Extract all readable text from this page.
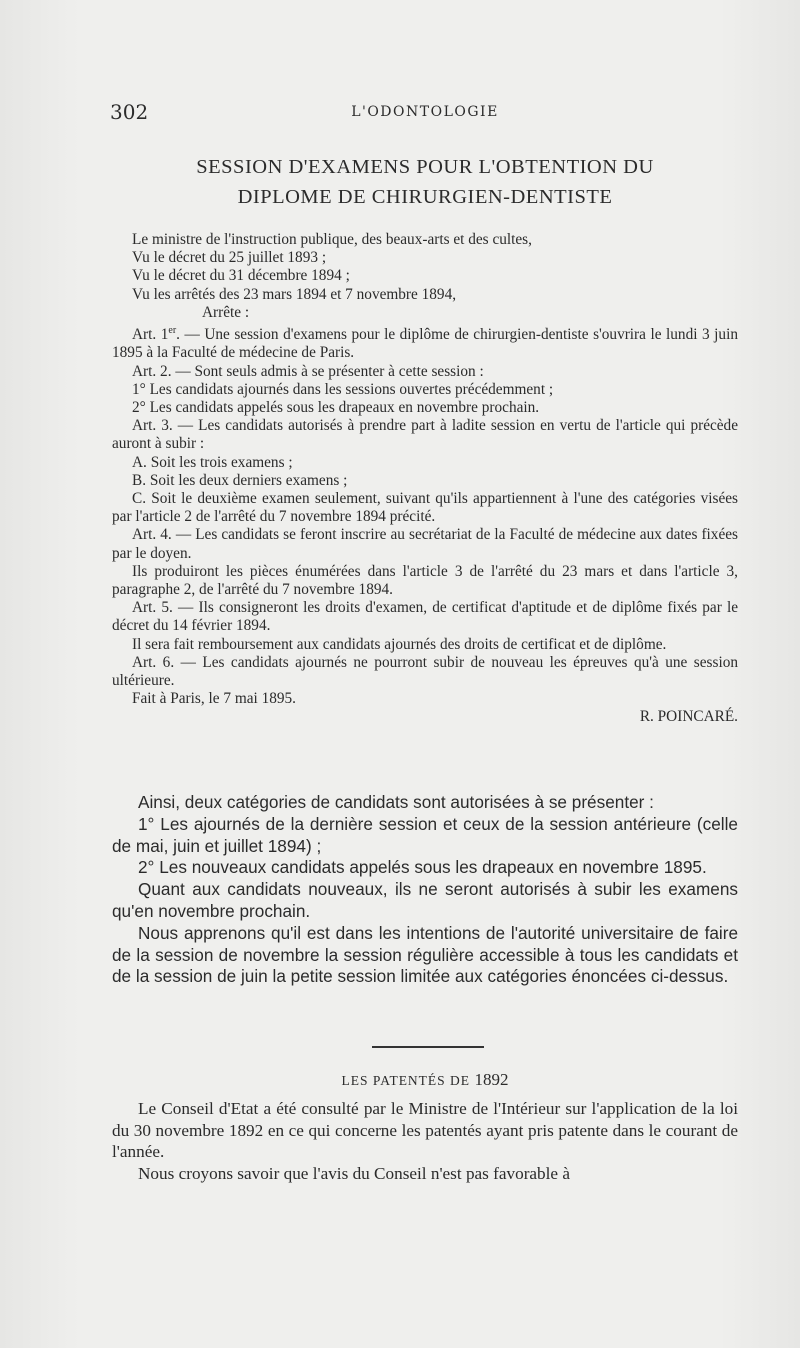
302	L'ODONTOLOGIE
SESSION D'EXAMENS POUR L'OBTENTION DU
DIPLOME DE CHIRURGIEN-DENTISTE

Le ministre de l'instruction publique, des beaux-arts et des cultes,

Vu le décret du 25 juillet 1893 ;

Vu le décret du 31 décembre 1894 ;

Vu les arrêtés des 23 mars 1894 et 7 novembre 1894,

Arrête :

Art. 1er. — Une session d'examens pour le diplôme de chirurgien-dentiste s'ouvrira le lundi 3 juin 1895 à la Faculté de médecine de Paris.

Art. 2. — Sont seuls admis à se présenter à cette session :

1° Les candidats ajournés dans les sessions ouvertes précédemment ;

2° Les candidats appelés sous les drapeaux en novembre prochain.

Art. 3. — Les candidats autorisés à prendre part à ladite session en vertu de l'article qui précède auront à subir :

A. Soit les trois examens ;

B. Soit les deux derniers examens ;

C. Soit le deuxième examen seulement, suivant qu'ils appartiennent à l'une des catégories visées par l'article 2 de l'arrêté du 7 novembre 1894 précité.

Art. 4. — Les candidats se feront inscrire au secrétariat de la Faculté de médecine aux dates fixées par le doyen.

Ils produiront les pièces énumérées dans l'article 3 de l'arrêté du 23 mars et dans l'article 3, paragraphe 2, de l'arrêté du 7 novembre 1894.

Art. 5. — Ils consigneront les droits d'examen, de certificat d'aptitude et de diplôme fixés par le décret du 14 février 1894.

Il sera fait remboursement aux candidats ajournés des droits de certificat et de diplôme.

Art. 6. — Les candidats ajournés ne pourront subir de nouveau les épreuves qu'à une session ultérieure.

Fait à Paris, le 7 mai 1895.

R. POINCARÉ.

Ainsi, deux catégories de candidats sont autorisées à se présenter :

1° Les ajournés de la dernière session et ceux de la session antérieure (celle de mai, juin et juillet 1894) ;

2° Les nouveaux candidats appelés sous les drapeaux en novembre 1895.

Quant aux candidats nouveaux, ils ne seront autorisés à subir les examens qu'en novembre prochain.

Nous apprenons qu'il est dans les intentions de l'autorité universitaire de faire de la session de novembre la session régulière accessible à tous les candidats et de la session de juin la petite session limitée aux catégories énoncées ci-dessus.

LES PATENTÉS DE 1892

Le Conseil d'Etat a été consulté par le Ministre de l'Intérieur sur l'application de la loi du 30 novembre 1892 en ce qui concerne les patentés ayant pris patente dans le courant de l'année.

Nous croyons savoir que l'avis du Conseil n'est pas favorable à
